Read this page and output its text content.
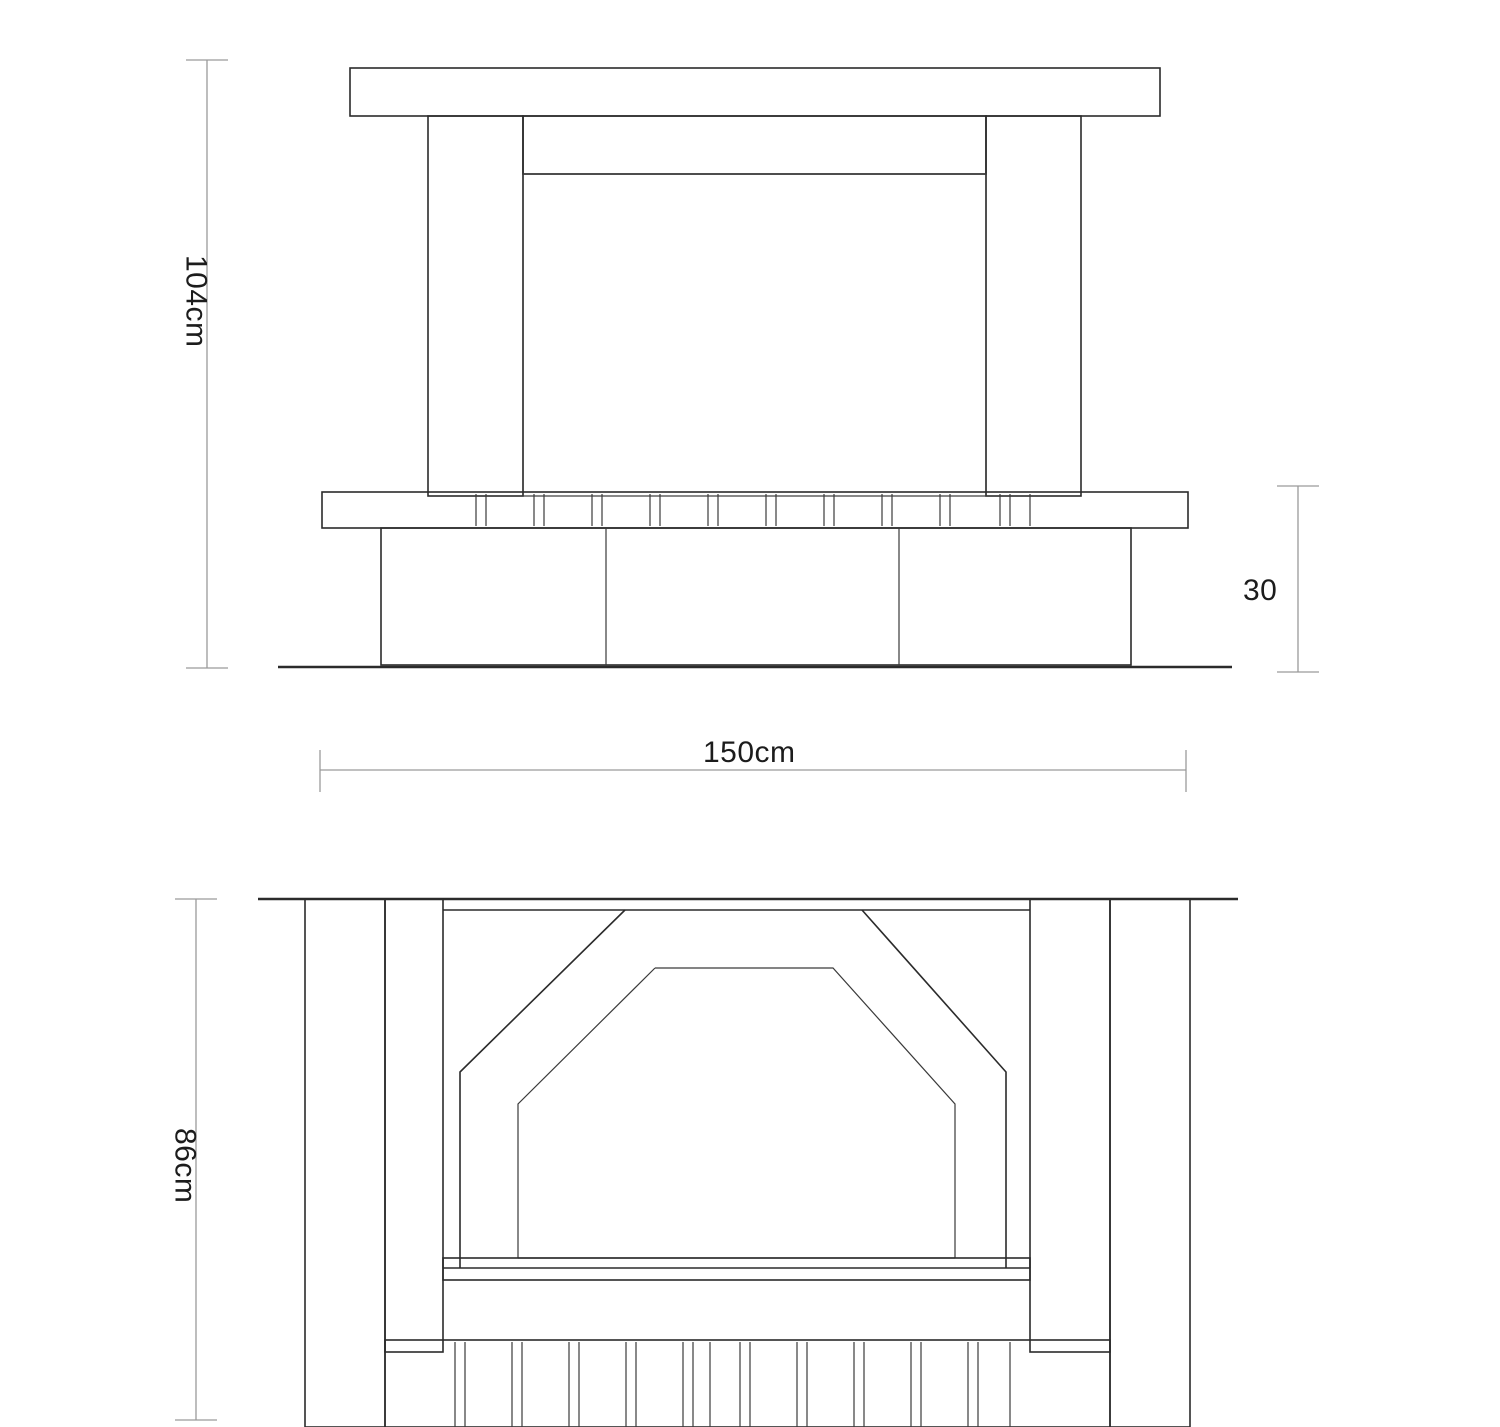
104cm
30
150cm
86cm
